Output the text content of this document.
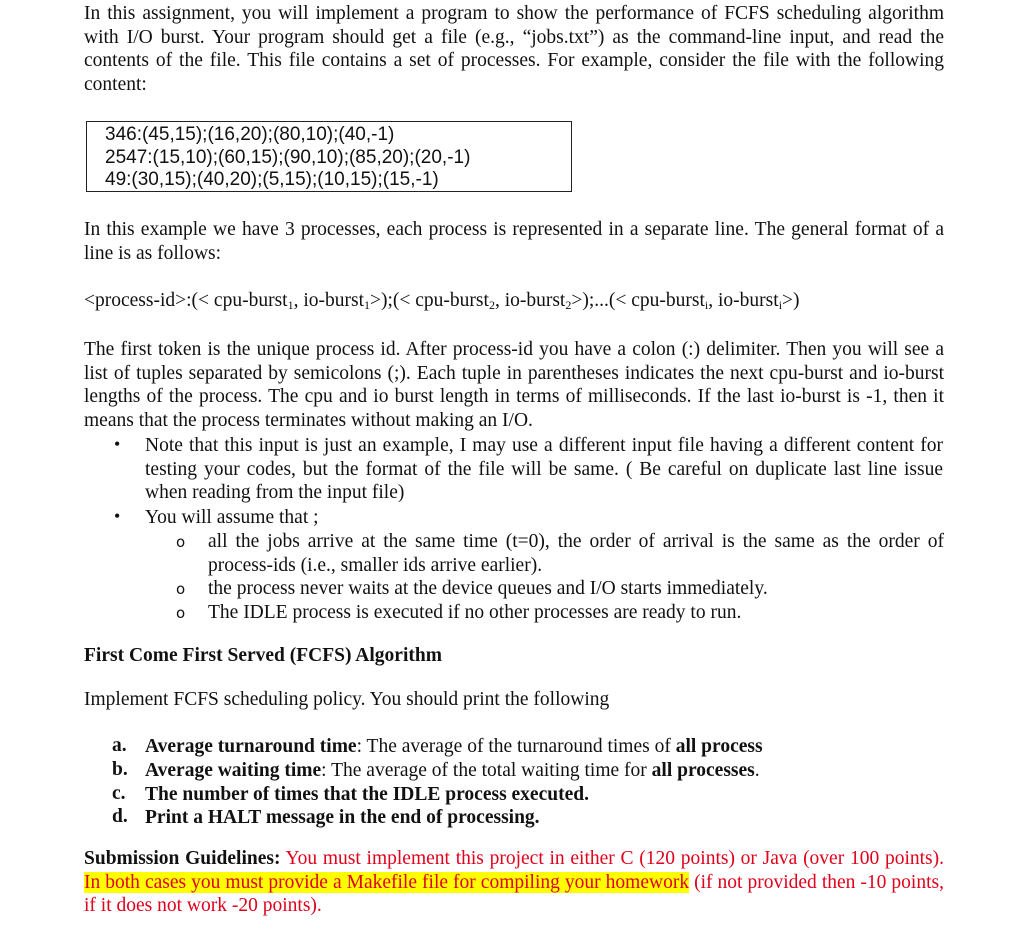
In this assignment, you will implement a program to show the performance of FCFS scheduling algorithm with I/O burst. Your program should get a file (e.g., “jobs.txt”) as the command-line input, and read the contents of the file. This file contains a set of processes. For example, consider the file with the following content:

346:(45,15);(16,20);(80,10);(40,-1)
2547:(15,10);(60,15);(90,10);(85,20);(20,-1)
49:(30,15);(40,20);(5,15);(10,15);(15,-1)

In this example we have 3 processes, each process is represented in a separate line. The general format of a line is as follows:

<process-id>:(< cpu-burst$_1$, io-burst$_1$>);(< cpu-burst$_2$, io-burst$_2$>);...(< cpu-burst$_i$, io-burst$_i$>)

The first token is the unique process id. After process-id you have a colon (:) delimiter. Then you will see a list of tuples separated by semicolons (;). Each tuple in parentheses indicates the next cpu-burst and io-burst lengths of the process. The cpu and io burst length in terms of milliseconds. If the last io-burst is -1, then it means that the process terminates without making an I/O.

• Note that this input is just an example, I may use a different input file having a different content for testing your codes, but the format of the file will be same. ( Be careful on duplicate last line issue when reading from the input file)
• You will assume that ;
o all the jobs arrive at the same time (t=0), the order of arrival is the same as the order of process-ids (i.e., smaller ids arrive earlier).
o the process never waits at the device queues and I/O starts immediately.
o The IDLE process is executed if no other processes are ready to run.
First Come First Served (FCFS) Algorithm

Implement FCFS scheduling policy. You should print the following

a. Average turnaround time: The average of the turnaround times of all process
b. Average waiting time: The average of the total waiting time for all processes.
c. The number of times that the IDLE process executed.
d. Print a HALT message in the end of processing.

Submission Guidelines: You must implement this project in either C (120 points) or Java (over 100 points). In both cases you must provide a Makefile file for compiling your homework (if not provided then -10 points, if it does not work -20 points).
